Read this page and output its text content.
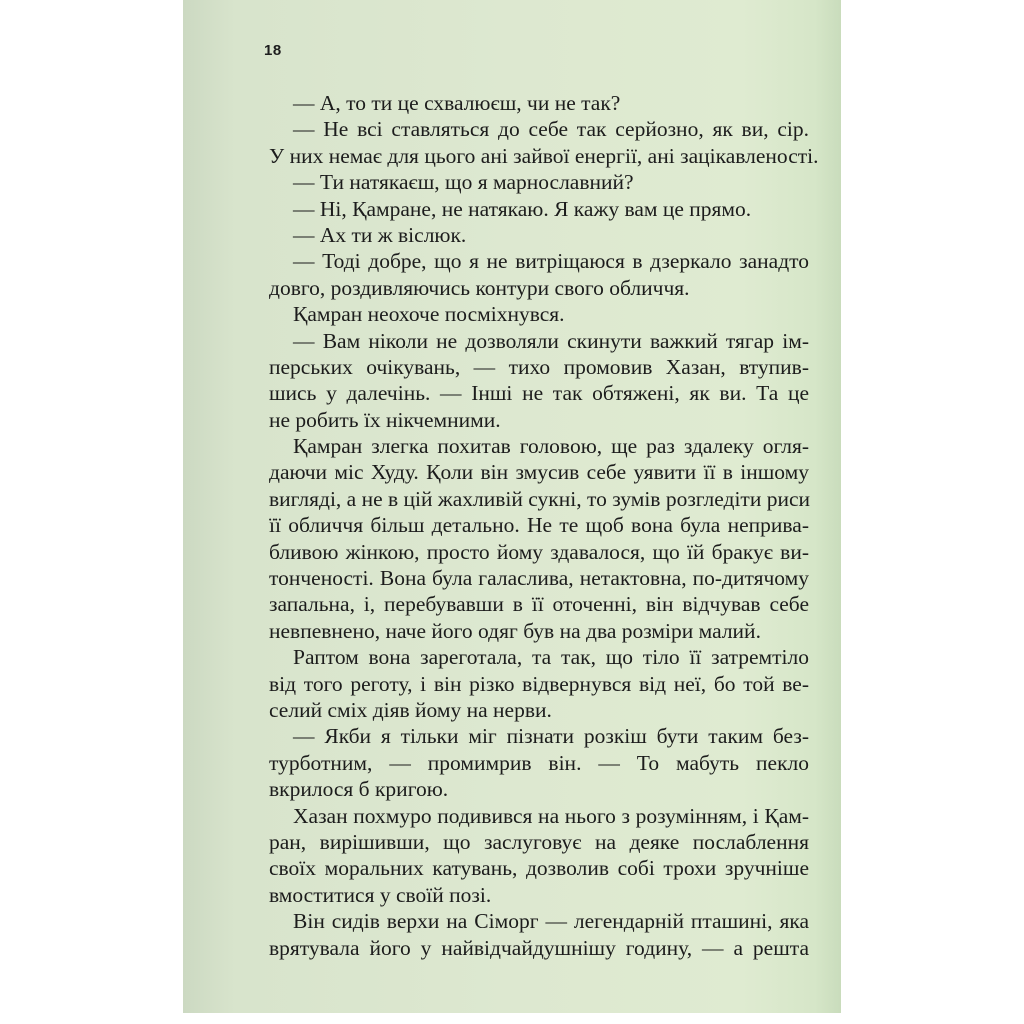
18
— А, то ти це схвалюєш, чи не так?
— Не всі ставляться до себе так серйозно, як ви, сір.
У них немає для цього ані зайвої енергії, ані зацікавленості.
— Ти натякаєш, що я марнославний?
— Ні, Қамране, не натякаю. Я кажу вам це прямо.
— Ах ти ж віслюк.
— Тоді добре, що я не витріщаюся в дзеркало занадто
довго, роздивляючись контури свого обличчя.
Қамран неохоче посміхнувся.
— Вам ніколи не дозволяли скинути важкий тягар ім-
перських очікувань, — тихо промовив Хазан, втупив-
шись у далечінь. — Інші не так обтяжені, як ви. Та це
не робить їх нікчемними.
Қамран злегка похитав головою, ще раз здалеку огля-
даючи міс Худу. Қоли він змусив себе уявити її в іншому
вигляді, а не в цій жахливій сукні, то зумів розгледіти риси
її обличчя більш детально. Не те щоб вона була неприва-
бливою жінкою, просто йому здавалося, що їй бракує ви-
тонченості. Вона була галаслива, нетактовна, по-дитячому
запальна, і, перебувавши в її оточенні, він відчував себе
невпевнено, наче його одяг був на два розміри малий.
Раптом вона зареготала, та так, що тіло її затремтіло
від того реготу, і він різко відвернувся від неї, бо той ве-
селий сміх діяв йому на нерви.
— Якби я тільки міг пізнати розкіш бути таким без-
турботним, — промимрив він. — То мабуть пекло
вкрилося б кригою.
Хазан похмуро подивився на нього з розумінням, і Қам-
ран, вирішивши, що заслуговує на деяке послаблення
своїх моральних катувань, дозволив собі трохи зручніше
вмоститися у своїй позі.
Він сидів верхи на Сіморг — легендарній пташині, яка
врятувала його у найвідчайдушнішу годину, — а решта
